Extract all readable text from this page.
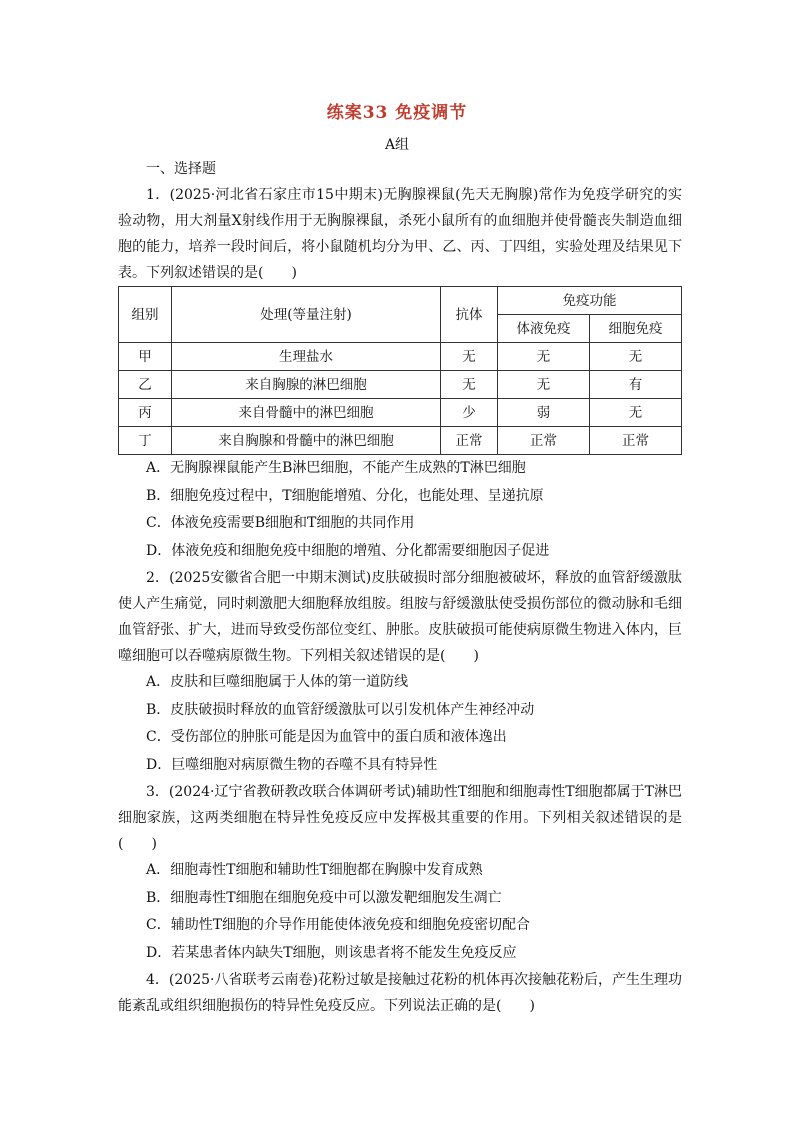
练案33 免疫调节
A组

一、选择题

1．(2025·河北省石家庄市15中期末)无胸腺裸鼠(先天无胸腺)常作为免疫学研究的实验动物，用大剂量X射线作用于无胸腺裸鼠，杀死小鼠所有的血细胞并使骨髓丧失制造血细胞的能力，培养一段时间后，将小鼠随机均分为甲、乙、丙、丁四组，实验处理及结果见下表。下列叙述错误的是(　　)

组别	处理(等量注射)	抗体	免疫功能	
			体液免疫	细胞免疫
甲	生理盐水	无	无	无
乙	来自胸腺的淋巴细胞	无	无	有
丙	来自骨髓中的淋巴细胞	少	弱	无
丁	来自胸腺和骨髓中的淋巴细胞	正常	正常	正常

A．无胸腺裸鼠能产生B淋巴细胞，不能产生成熟的T淋巴细胞

B．细胞免疫过程中，T细胞能增殖、分化，也能处理、呈递抗原

C．体液免疫需要B细胞和T细胞的共同作用

D．体液免疫和细胞免疫中细胞的增殖、分化都需要细胞因子促进

2．(2025安徽省合肥一中期末测试)皮肤破损时部分细胞被破坏，释放的血管舒缓激肽使人产生痛觉，同时刺激肥大细胞释放组胺。组胺与舒缓激肽使受损伤部位的微动脉和毛细血管舒张、扩大，进而导致受伤部位变红、肿胀。皮肤破损可能使病原微生物进入体内，巨噬细胞可以吞噬病原微生物。下列相关叙述错误的是(　　)

A．皮肤和巨噬细胞属于人体的第一道防线

B．皮肤破损时释放的血管舒缓激肽可以引发机体产生神经冲动

C．受伤部位的肿胀可能是因为血管中的蛋白质和液体逸出

D．巨噬细胞对病原微生物的吞噬不具有特异性

3．(2024·辽宁省教研教改联合体调研考试)辅助性T细胞和细胞毒性T细胞都属于T淋巴细胞家族，这两类细胞在特异性免疫反应中发挥极其重要的作用。下列相关叙述错误的是(　　)

A．细胞毒性T细胞和辅助性T细胞都在胸腺中发育成熟

B．细胞毒性T细胞在细胞免疫中可以激发靶细胞发生凋亡

C．辅助性T细胞的介导作用能使体液免疫和细胞免疫密切配合

D．若某患者体内缺失T细胞，则该患者将不能发生免疫反应

4．(2025·八省联考云南卷)花粉过敏是接触过花粉的机体再次接触花粉后，产生生理功能紊乱或组织细胞损伤的特异性免疫反应。下列说法正确的是(　　)
